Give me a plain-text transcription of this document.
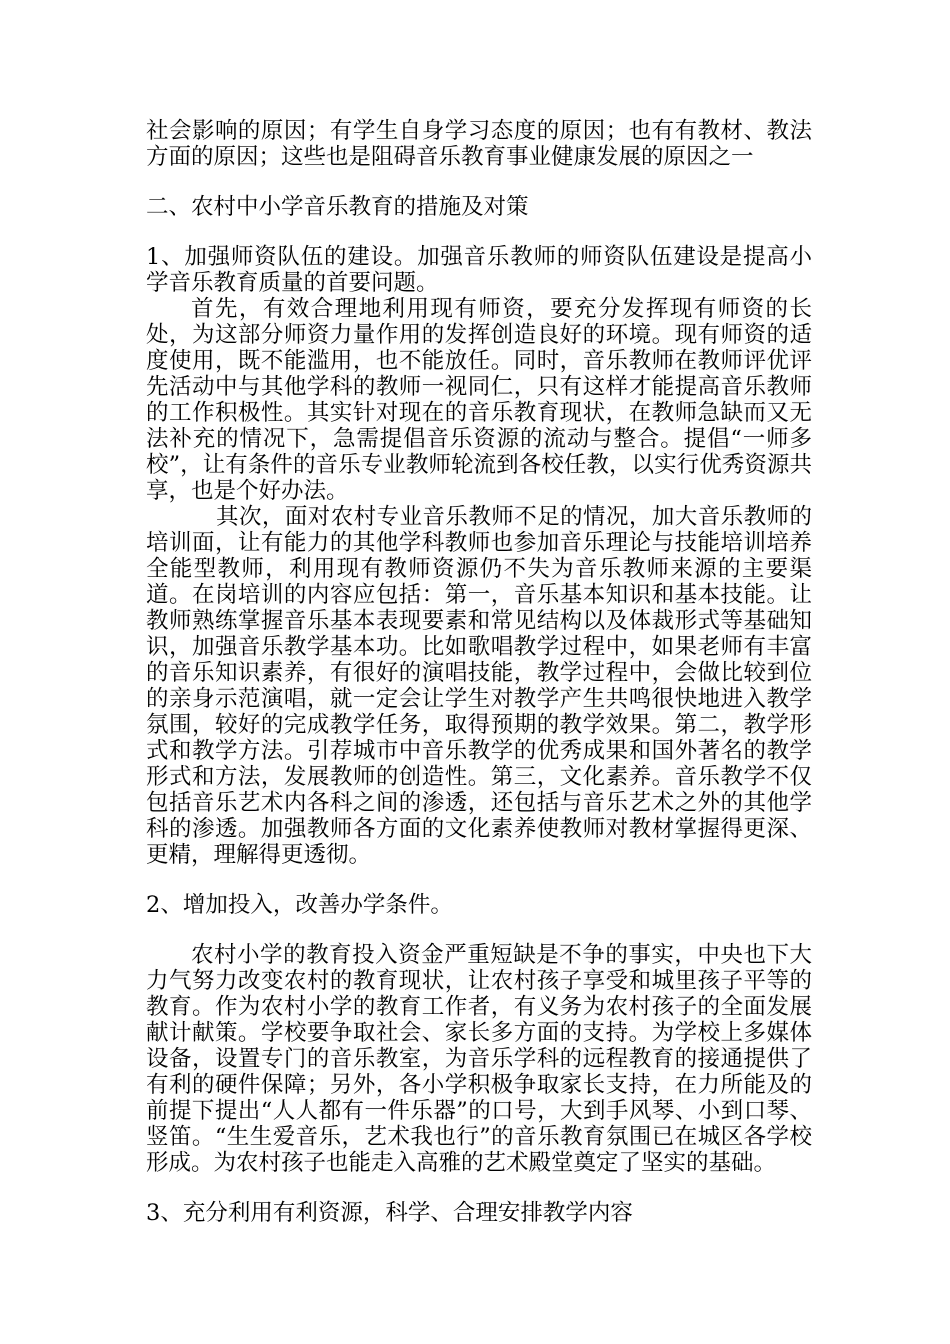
社会影响的原因；有学生自身学习态度的原因；也有有教材、教法方面的原因；这些也是阻碍音乐教育事业健康发展的原因之一

二、农村中小学音乐教育的措施及对策

1、加强师资队伍的建设。加强音乐教师的师资队伍建设是提高小学音乐教育质量的首要问题。

首先，有效合理地利用现有师资，要充分发挥现有师资的长处，为这部分师资力量作用的发挥创造良好的环境。现有师资的适度使用，既不能滥用，也不能放任。同时，音乐教师在教师评优评先活动中与其他学科的教师一视同仁，只有这样才能提高音乐教师的工作积极性。其实针对现在的音乐教育现状，在教师急缺而又无法补充的情况下，急需提倡音乐资源的流动与整合。提倡“一师多校”，让有条件的音乐专业教师轮流到各校任教，以实行优秀资源共享，也是个好办法。

其次，面对农村专业音乐教师不足的情况，加大音乐教师的培训面，让有能力的其他学科教师也参加音乐理论与技能培训培养全能型教师，利用现有教师资源仍不失为音乐教师来源的主要渠道。在岗培训的内容应包括：第一，音乐基本知识和基本技能。让教师熟练掌握音乐基本表现要素和常见结构以及体裁形式等基础知识，加强音乐教学基本功。比如歌唱教学过程中，如果老师有丰富的音乐知识素养，有很好的演唱技能，教学过程中，会做比较到位的亲身示范演唱，就一定会让学生对教学产生共鸣很快地进入教学氛围，较好的完成教学任务，取得预期的教学效果。第二，教学形式和教学方法。引荐城市中音乐教学的优秀成果和国外著名的教学形式和方法，发展教师的创造性。第三，文化素养。音乐教学不仅包括音乐艺术内各科之间的渗透，还包括与音乐艺术之外的其他学科的渗透。加强教师各方面的文化素养使教师对教材掌握得更深、更精，理解得更透彻。

2、增加投入，改善办学条件。

农村小学的教育投入资金严重短缺是不争的事实，中央也下大力气努力改变农村的教育现状，让农村孩子享受和城里孩子平等的教育。作为农村小学的教育工作者，有义务为农村孩子的全面发展献计献策。学校要争取社会、家长多方面的支持。为学校上多媒体设备，设置专门的音乐教室，为音乐学科的远程教育的接通提供了有利的硬件保障；另外，各小学积极争取家长支持，在力所能及的前提下提出“人人都有一件乐器”的口号，大到手风琴、小到口琴、竖笛。“生生爱音乐，艺术我也行”的音乐教育氛围已在城区各学校形成。为农村孩子也能走入高雅的艺术殿堂奠定了坚实的基础。

3、充分利用有利资源，科学、合理安排教学内容
